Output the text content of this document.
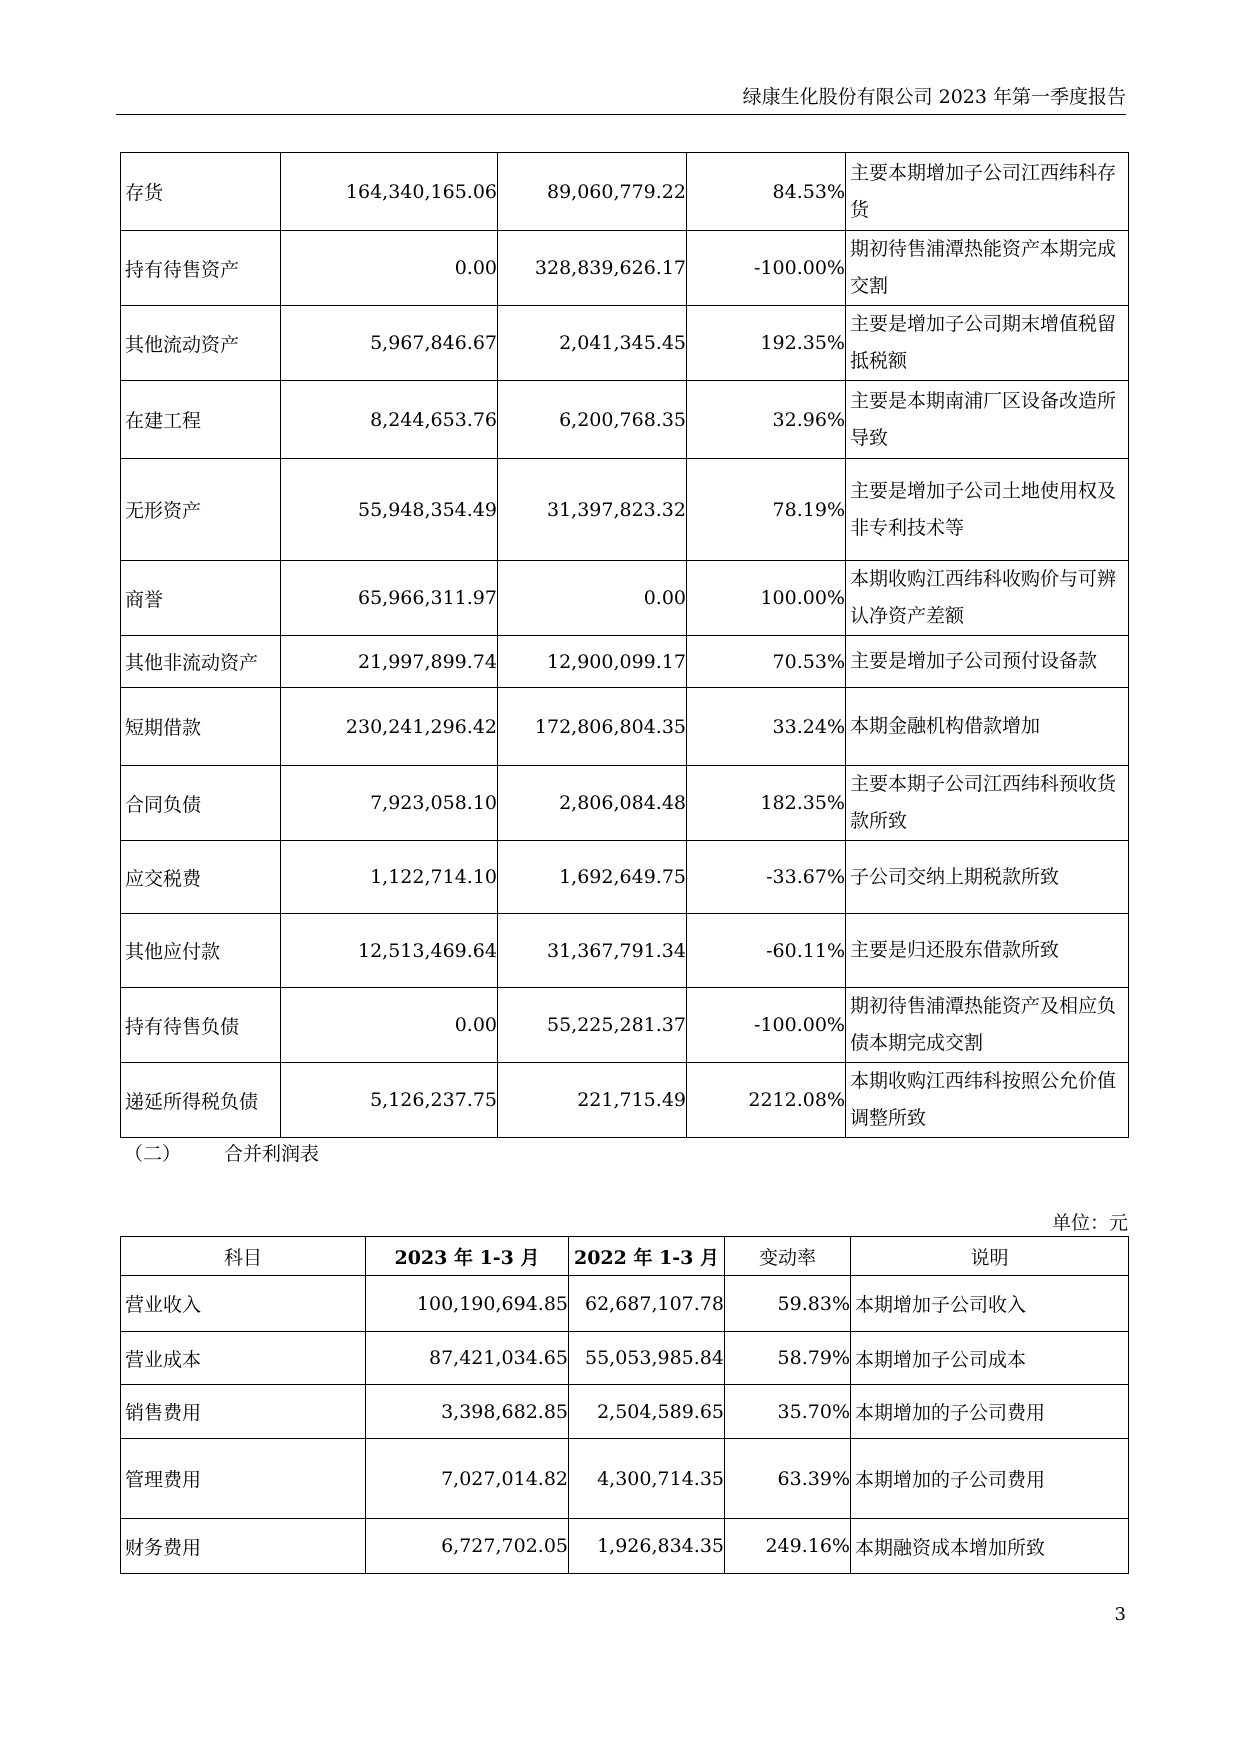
绿康生化股份有限公司 2023 年第一季度报告
存货	164,340,165.06	89,060,779.22	84.53%	主要本期增加子公司江西纬科存货
持有待售资产	0.00	328,839,626.17	-100.00%	期初待售浦潭热能资产本期完成交割
其他流动资产	5,967,846.67	2,041,345.45	192.35%	主要是增加子公司期末增值税留抵税额
在建工程	8,244,653.76	6,200,768.35	32.96%	主要是本期南浦厂区设备改造所导致
无形资产	55,948,354.49	31,397,823.32	78.19%	主要是增加子公司土地使用权及非专利技术等
商誉	65,966,311.97	0.00	100.00%	本期收购江西纬科收购价与可辨认净资产差额
其他非流动资产	21,997,899.74	12,900,099.17	70.53%	主要是增加子公司预付设备款
短期借款	230,241,296.42	172,806,804.35	33.24%	本期金融机构借款增加
合同负债	7,923,058.10	2,806,084.48	182.35%	主要本期子公司江西纬科预收货款所致
应交税费	1,122,714.10	1,692,649.75	-33.67%	子公司交纳上期税款所致
其他应付款	12,513,469.64	31,367,791.34	-60.11%	主要是归还股东借款所致
持有待售负债	0.00	55,225,281.37	-100.00%	期初待售浦潭热能资产及相应负债本期完成交割
递延所得税负债	5,126,237.75	221,715.49	2212.08%	本期收购江西纬科按照公允价值调整所致
（二） 合并利润表
单位：元
科目	2023 年 1-3 月	2022 年 1-3 月	变动率	说明
营业收入	100,190,694.85	62,687,107.78	59.83%	本期增加子公司收入
营业成本	87,421,034.65	55,053,985.84	58.79%	本期增加子公司成本
销售费用	3,398,682.85	2,504,589.65	35.70%	本期增加的子公司费用
管理费用	7,027,014.82	4,300,714.35	63.39%	本期增加的子公司费用
财务费用	6,727,702.05	1,926,834.35	249.16%	本期融资成本增加所致
3
